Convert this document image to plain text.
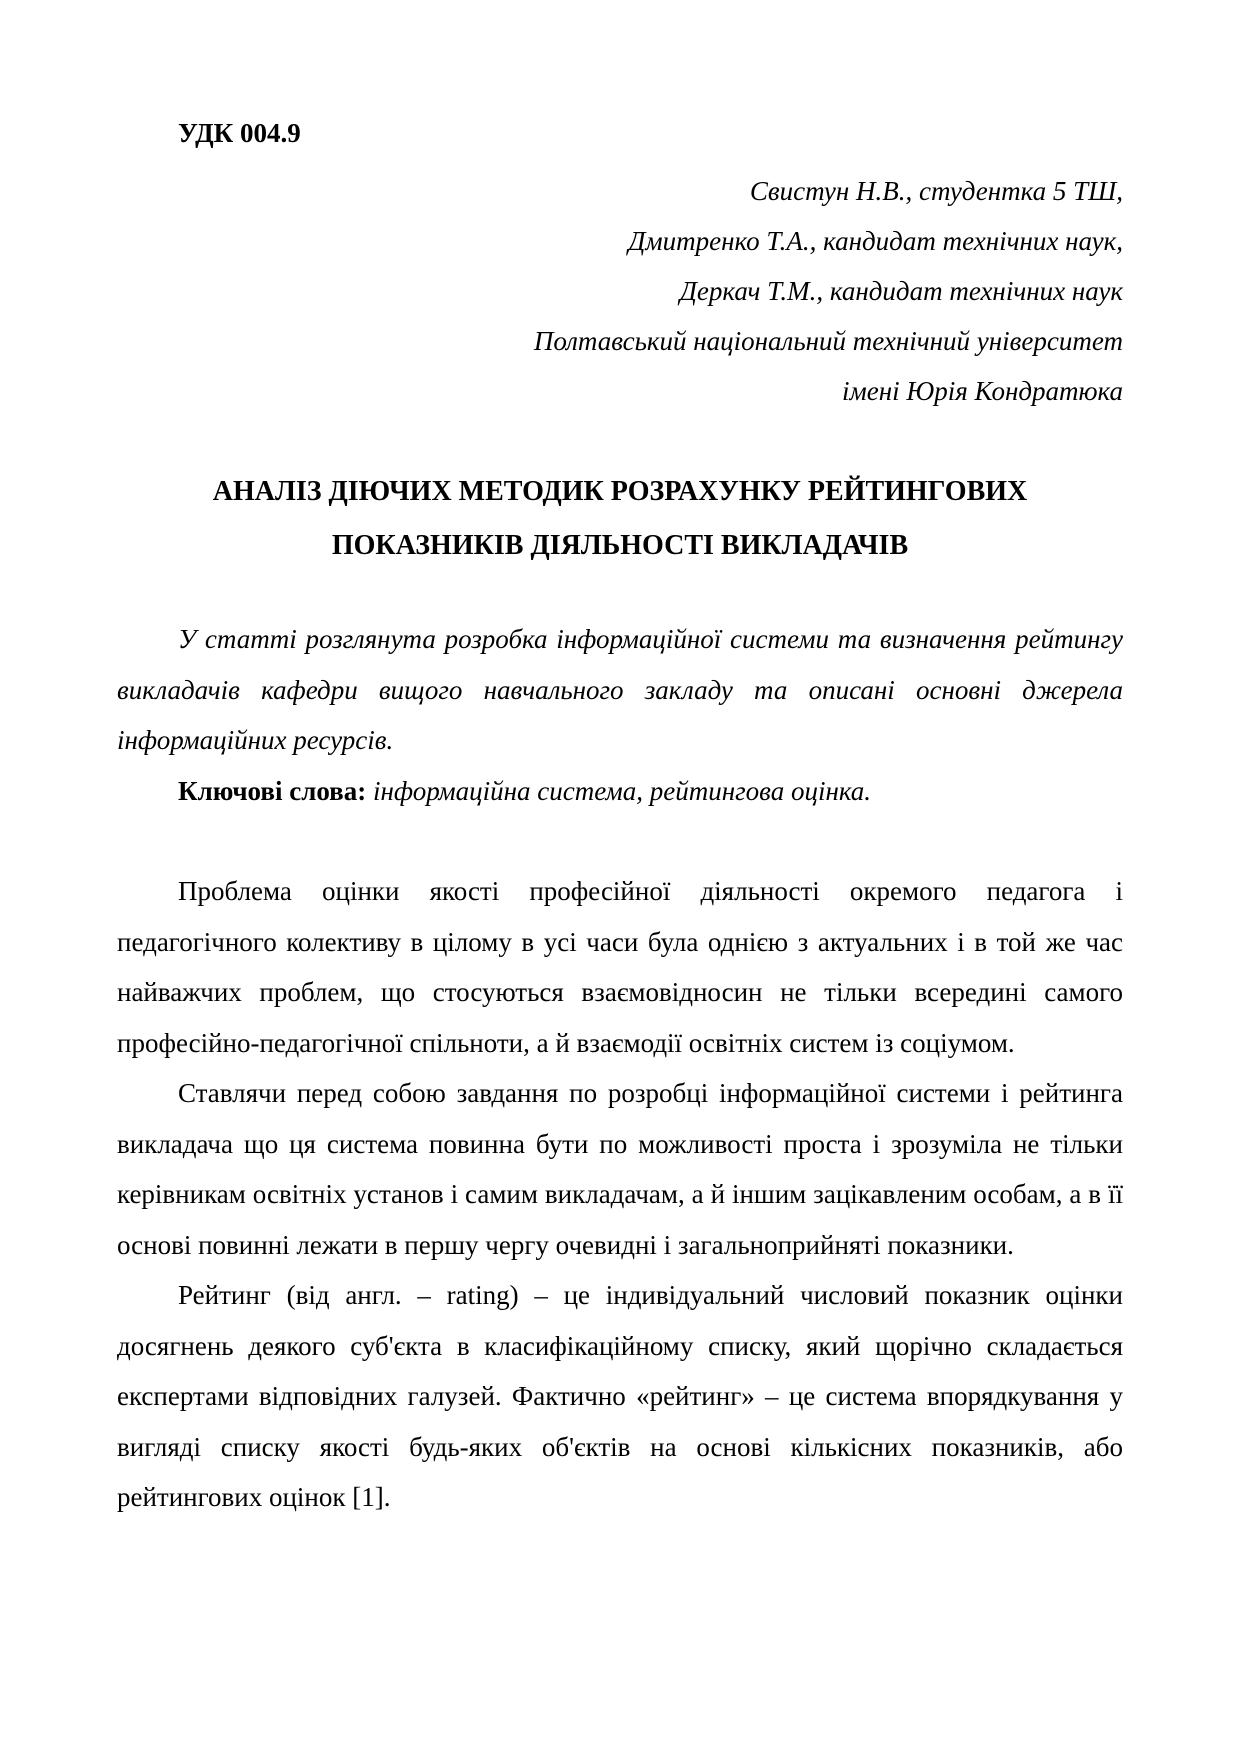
УДК 004.9
Свистун Н.В., студентка 5 ТШ,
Дмитренко Т.А., кандидат технічних наук,
Деркач Т.М., кандидат технічних наук
Полтавський національний технічний університет
імені Юрія Кондратюка
АНАЛІЗ ДІЮЧИХ МЕТОДИК РОЗРАХУНКУ РЕЙТИНГОВИХ
ПОКАЗНИКІВ ДІЯЛЬНОСТІ ВИКЛАДАЧІВ

У статті розглянута розробка інформаційної системи та визначення рейтингу викладачів кафедри вищого навчального закладу та описані основні джерела інформаційних ресурсів.

Ключові слова: інформаційна система, рейтингова оцінка.

Проблема оцінки якості професійної діяльності окремого педагога і педагогічного колективу в цілому в усі часи була однією з актуальних і в той же час найважчих проблем, що стосуються взаємовідносин не тільки всередині самого професійно-педагогічної спільноти, а й взаємодії освітніх систем із соціумом.

Ставлячи перед собою завдання по розробці інформаційної системи і рейтинга викладача що ця система повинна бути по можливості проста і зрозуміла не тільки керівникам освітніх установ і самим викладачам, а й іншим зацікавленим особам, а в її основі повинні лежати в першу чергу очевидні і загальноприйняті показники.

Рейтинг (від англ. – rating) – це індивідуальний числовий показник оцінки досягнень деякого суб'єкта в класифікаційному списку, який щорічно складається експертами відповідних галузей. Фактично «рейтинг» – це система впорядкування у вигляді списку якості будь-яких об'єктів на основі кількісних показників, або рейтингових оцінок [1].
